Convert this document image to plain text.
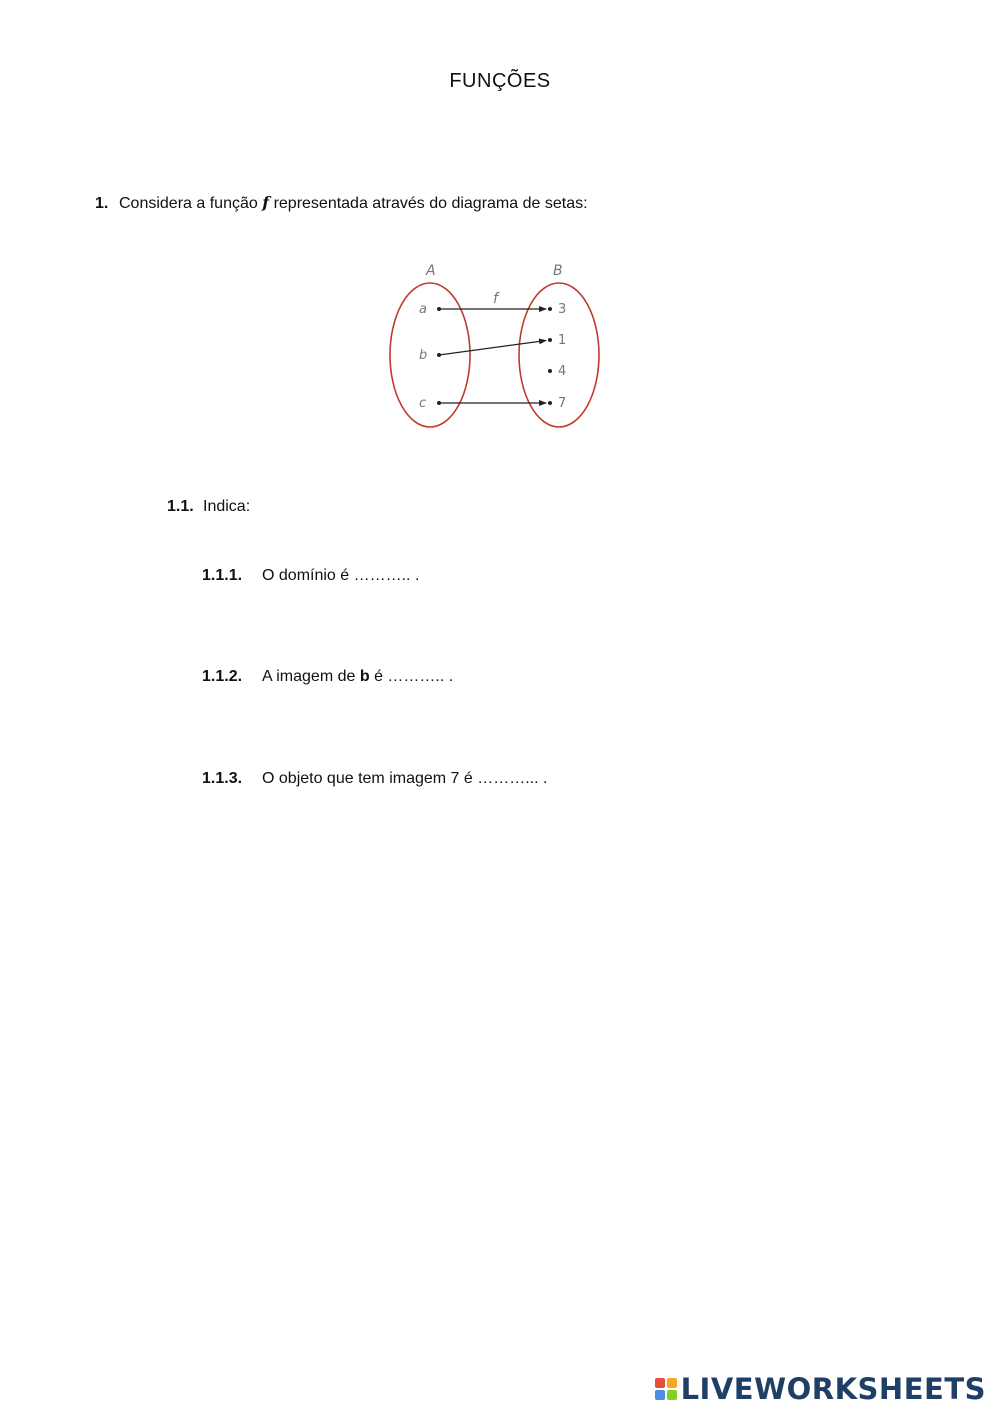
FUNÇÕES
1. Considera a função f representada através do diagrama de setas:
A	B
f
a
b
c
3
1
4
7
1.1. Indica:
1.1.1. O domínio é ……….. .
1.1.2. A imagem de b é ……….. .
1.1.3. O objeto que tem imagem 7 é ………... .
LIVEWORKSHEETS
